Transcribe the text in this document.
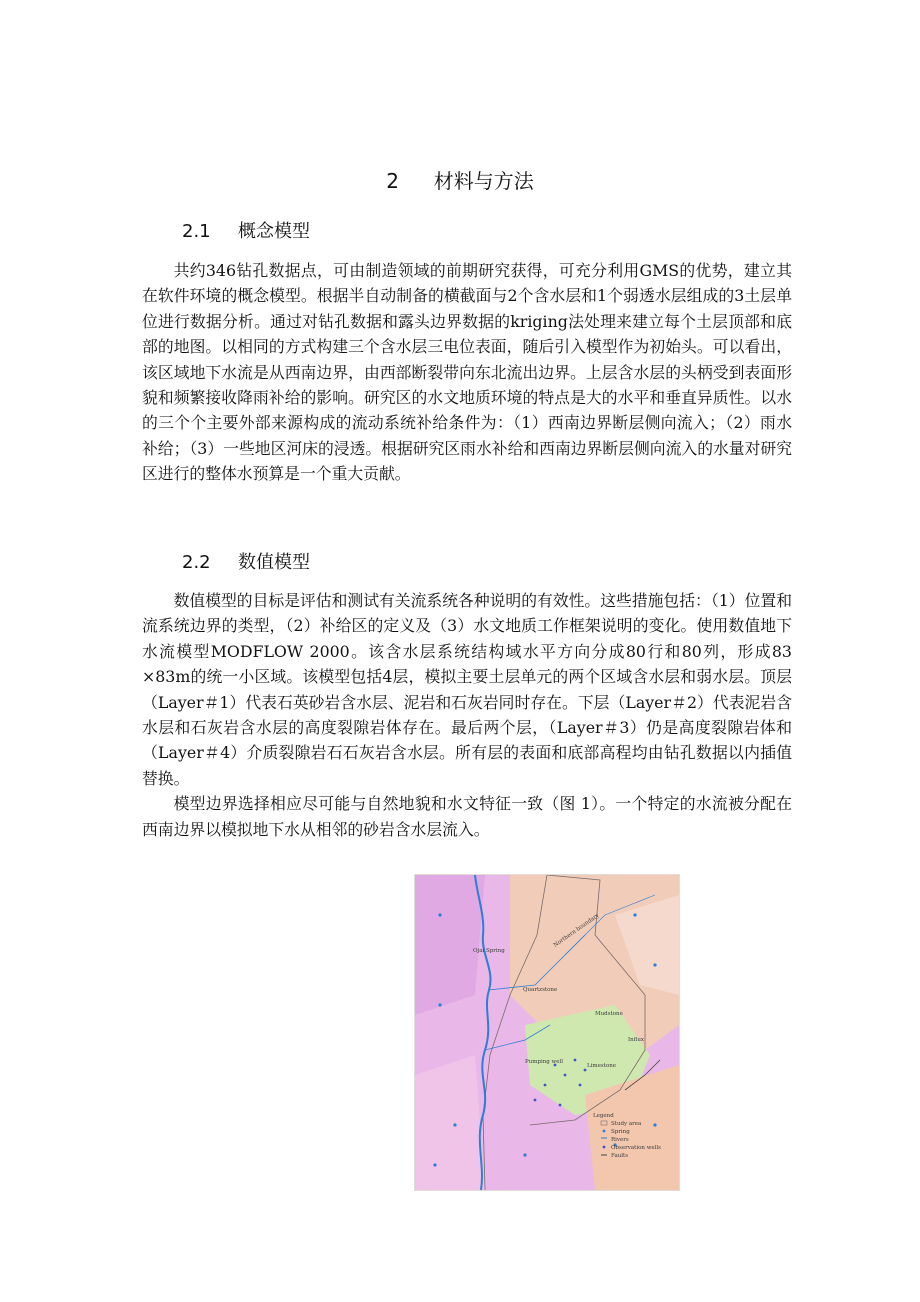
2 材料与方法
2.1 概念模型

共约346钻孔数据点，可由制造领域的前期研究获得，可充分利用GMS的优势，建立其在软件环境的概念模型。根据半自动制备的横截面与2个含水层和1个弱透水层组成的3土层单位进行数据分析。通过对钻孔数据和露头边界数据的kriging法处理来建立每个土层顶部和底部的地图。以相同的方式构建三个含水层三电位表面，随后引入模型作为初始头。可以看出，该区域地下水流是从西南边界，由西部断裂带向东北流出边界。上层含水层的头柄受到表面形貌和频繁接收降雨补给的影响。研究区的水文地质环境的特点是大的水平和垂直异质性。以水的三个个主要外部来源构成的流动系统补给条件为：（1）西南边界断层侧向流入；（2）雨水补给；（3）一些地区河床的浸透。根据研究区雨水补给和西南边界断层侧向流入的水量对研究区进行的整体水预算是一个重大贡献。

2.2 数值模型

数值模型的目标是评估和测试有关流系统各种说明的有效性。这些措施包括：（1）位置和流系统边界的类型，（2）补给区的定义及（3）水文地质工作框架说明的变化。使用数值地下水流模型MODFLOW 2000。该含水层系统结构域水平方向分成80行和80列，形成83 ×83m的统一小区域。该模型包括4层，模拟主要土层单元的两个区域含水层和弱水层。顶层（Layer＃1）代表石英砂岩含水层、泥岩和石灰岩同时存在。下层（Layer＃2）代表泥岩含水层和石灰岩含水层的高度裂隙岩体存在。最后两个层，（Layer＃3）仍是高度裂隙岩体和（Layer＃4）介质裂隙岩石石灰岩含水层。所有层的表面和底部高程均由钻孔数据以内插值替换。

模型边界选择相应尽可能与自然地貌和水文特征一致（图 1）。一个特定的水流被分配在西南边界以模拟地下水从相邻的砂岩含水层流入。

Ojai Spring
Northern boundary
Quartzstone
Mudstone
Influx
Limestone
Pumping well
Legend
Study area
Spring
Rivers
Observation wells
Faults
